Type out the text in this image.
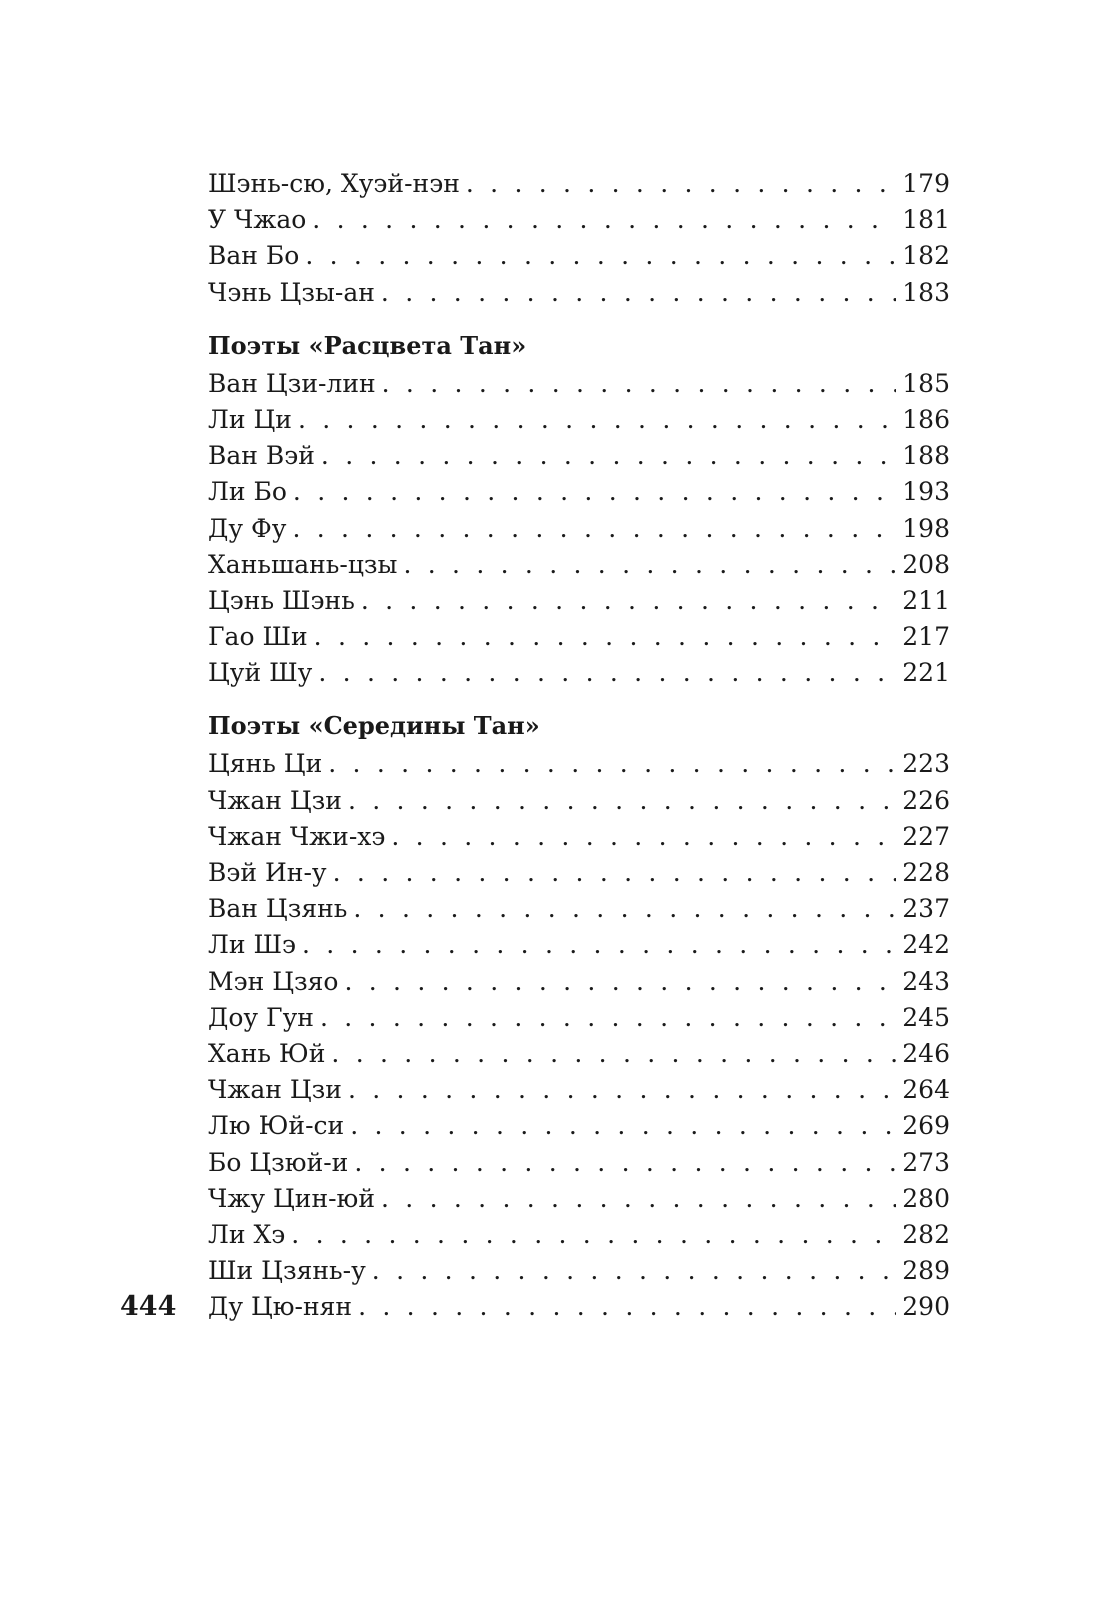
Шэнь-сю, Хуэй-нэн . . .	179
У Чжао . . .	181
Ван Бо . . .	182
Чэнь Цзы-ан . . .	183
Поэты «Расцвета Тан»
Ван Цзи-лин . . .	185
Ли Ци . . .	186
Ван Вэй . . .	188
Ли Бо . . .	193
Ду Фу . . .	198
Ханьшань-цзы . . .	208
Цэнь Шэнь . . .	211
Гао Ши . . .	217
Цуй Шу . . .	221
Поэты «Середины Тан»
Цянь Ци . . .	223
Чжан Цзи . . .	226
Чжан Чжи-хэ . . .	227
Вэй Ин-у . . .	228
Ван Цзянь . . .	237
Ли Шэ . . .	242
Мэн Цзяо . . .	243
Доу Гун . . .	245
Хань Юй . . .	246
Чжан Цзи . . .	264
Лю Юй-си . . .	269
Бо Цзюй-и . . .	273
Чжу Цин-юй . . .	280
Ли Хэ . . .	282
Ши Цзянь-у . . .	289
Ду Цю-нян . . .	290
444
